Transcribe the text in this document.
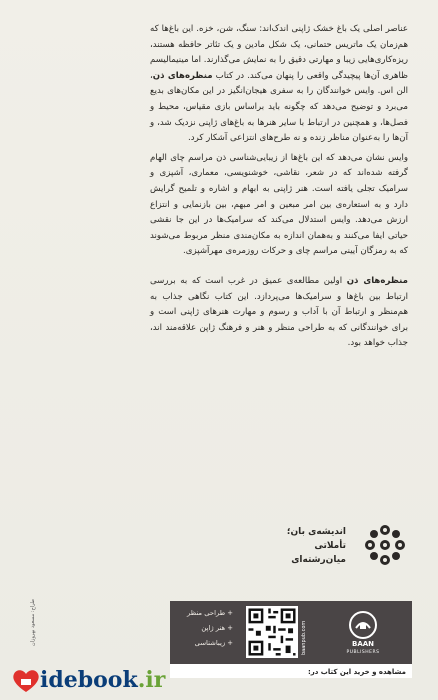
عناصر اصلی یک باغ خشک ژاپنی اندک‌اند: سنگ، شن، خزه. این باغ‌ها که هم‌زمان یک ماتریس حتمانی، یک شکل مادین و یک تئاتر حافظه هستند، ریزه‌کاری‌هایی زیبا و مهارتی دقیق را به نمایش می‌گذارند. اما مینیمالیسم ظاهری آن‌ها پیچیدگی واقعی را پنهان می‌کند. در کتاب منظره‌های ذن، الن اس. وایس خوانندگان را به سفری هیجان‌انگیز در این مکان‌های بدیع می‌برد و توضیح می‌دهد که چگونه باید براساس بازی مقیاس، محیط و فصل‌ها، و همچنین در ارتباط با سایر هنرها به باغ‌های ژاپنی نزدیک شد، و آن‌ها را به‌عنوان مناظر زنده و نه طرح‌های انتزاعی آشکار کرد.

وایس نشان می‌دهد که این باغ‌ها از زیبایی‌شناسی ذن مراسم چای الهام گرفته شده‌اند که در شعر، نقاشی، خوشنویسی، معماری، آشپزی و سرامیک تجلی یافته است. هنر ژاپنی به ابهام و اشاره و تلمیح گرایش دارد و به استعاره‌ی بین امر مبعین و امر مبهم، بین بازنمایی و انتزاع ارزش می‌دهد. وایس استدلال می‌کند که سرامیک‌ها در این جا نقشی حیاتی ایفا می‌کنند و به‌همان اندازه به مکان‌مندی منظر مربوط می‌شوند که به رمزگان آیینی مراسم چای و حرکات روزمره‌ی مهرآشپزی.

منظره‌های ذن اولین مطالعه‌ی عمیق در غرب است که به بررسی ارتباط بین باغ‌ها و سرامیک‌ها می‌پردازد. این کتاب نگاهی جذاب به هم‌منظر و ارتباط آن با آداب و رسوم و مهارت هنرهای ژاپنی است و برای خوانندگانی که به طراحی منظر و هنر و فرهنگ ژاپن علاقه‌مند اند، جذاب خواهد بود.

اندیشه‌ی بان؛
تأملاتی میان‌رشته‌ای
طراح: مسعود بهروزان	+ طراحی منظر
+ هنر ژاپن
+ زیباشناسی	baanpub.com	BAAN
PUBLISHERS
مشاهده و خرید این کتاب در:
idebook.ir
